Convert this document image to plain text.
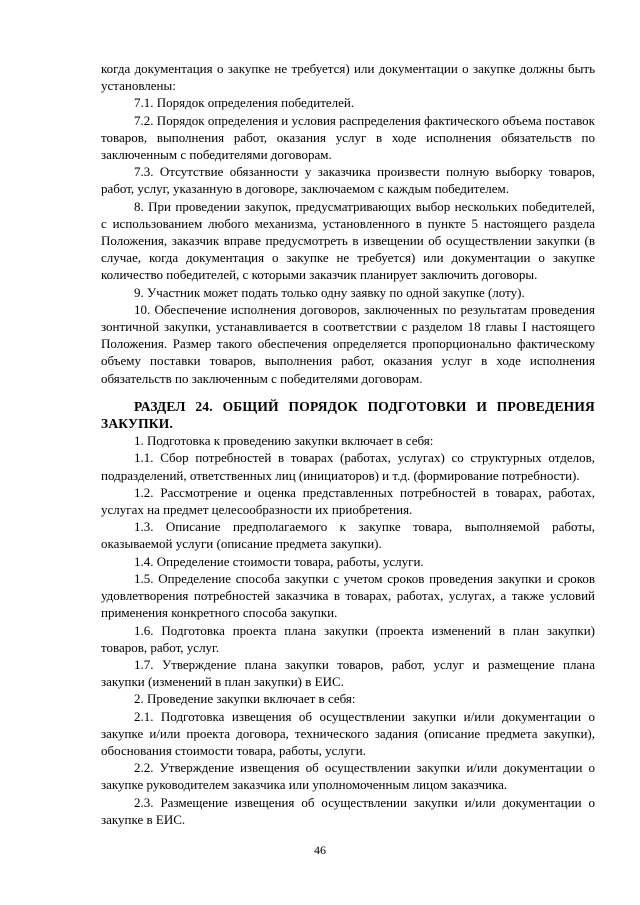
когда документация о закупке не требуется) или документации о закупке должны быть установлены:

7.1. Порядок определения победителей.

7.2. Порядок определения и условия распределения фактического объема поставок товаров, выполнения работ, оказания услуг в ходе исполнения обязательств по заключенным с победителями договорам.

7.3. Отсутствие обязанности у заказчика произвести полную выборку товаров, работ, услуг, указанную в договоре, заключаемом с каждым победителем.

8. При проведении закупок, предусматривающих выбор нескольких победителей, с использованием любого механизма, установленного в пункте 5 настоящего раздела Положения, заказчик вправе предусмотреть в извещении об осуществлении закупки (в случае, когда документация о закупке не требуется) или документации о закупке количество победителей, с которыми заказчик планирует заключить договоры.

9. Участник может подать только одну заявку по одной закупке (лоту).

10. Обеспечение исполнения договоров, заключенных по результатам проведения зонтичной закупки, устанавливается в соответствии с разделом 18 главы I настоящего Положения. Размер такого обеспечения определяется пропорционально фактическому объему поставки товаров, выполнения работ, оказания услуг в ходе исполнения обязательств по заключенным с победителями договорам.

РАЗДЕЛ 24. ОБЩИЙ ПОРЯДОК ПОДГОТОВКИ И ПРОВЕДЕНИЯ ЗАКУПКИ.

1. Подготовка к проведению закупки включает в себя:

1.1. Сбор потребностей в товарах (работах, услугах) со структурных отделов, подразделений, ответственных лиц (инициаторов) и т.д. (формирование потребности).

1.2. Рассмотрение и оценка представленных потребностей в товарах, работах, услугах на предмет целесообразности их приобретения.

1.3. Описание предполагаемого к закупке товара, выполняемой работы, оказываемой услуги (описание предмета закупки).

1.4. Определение стоимости товара, работы, услуги.

1.5. Определение способа закупки с учетом сроков проведения закупки и сроков удовлетворения потребностей заказчика в товарах, работах, услугах, а также условий применения конкретного способа закупки.

1.6. Подготовка проекта плана закупки (проекта изменений в план закупки) товаров, работ, услуг.

1.7. Утверждение плана закупки товаров, работ, услуг и размещение плана закупки (изменений в план закупки) в ЕИС.

2. Проведение закупки включает в себя:

2.1. Подготовка извещения об осуществлении закупки и/или документации о закупке и/или проекта договора, технического задания (описание предмета закупки), обоснования стоимости товара, работы, услуги.

2.2. Утверждение извещения об осуществлении закупки и/или документации о закупке руководителем заказчика или уполномоченным лицом заказчика.

2.3. Размещение извещения об осуществлении закупки и/или документации о закупке в ЕИС.

46
